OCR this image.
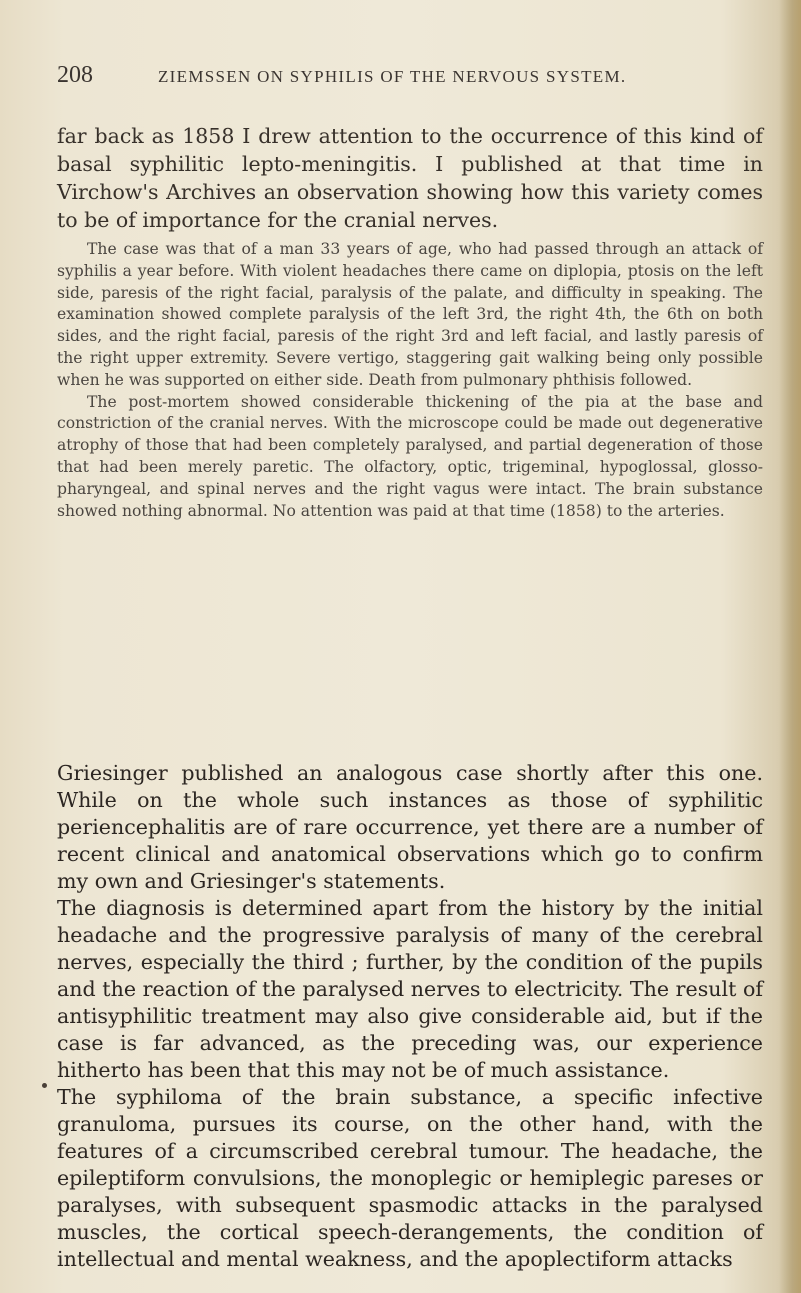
208	ZIEMSSEN ON SYPHILIS OF THE NERVOUS SYSTEM.

far back as 1858 I drew attention to the occurrence of this kind of basal syphilitic lepto-meningitis. I published at that time in Virchow's Archives an observation showing how this variety comes to be of importance for the cranial nerves.

The case was that of a man 33 years of age, who had passed through an attack of syphilis a year before. With violent headaches there came on diplopia, ptosis on the left side, paresis of the right facial, paralysis of the palate, and difficulty in speaking. The examination showed complete paralysis of the left 3rd, the right 4th, the 6th on both sides, and the right facial, paresis of the right 3rd and left facial, and lastly paresis of the right upper extremity. Severe vertigo, staggering gait walking being only possible when he was supported on either side. Death from pulmonary phthisis followed.

The post-mortem showed considerable thickening of the pia at the base and constriction of the cranial nerves. With the microscope could be made out degenerative atrophy of those that had been completely paralysed, and partial degeneration of those that had been merely paretic. The olfactory, optic, trigeminal, hypoglossal, glosso-pharyngeal, and spinal nerves and the right vagus were intact. The brain substance showed nothing abnormal. No attention was paid at that time (1858) to the arteries.

Griesinger published an analogous case shortly after this one. While on the whole such instances as those of syphilitic periencephalitis are of rare occurrence, yet there are a number of recent clinical and anatomical observations which go to confirm my own and Griesinger's statements.

The diagnosis is determined apart from the history by the initial headache and the progressive paralysis of many of the cerebral nerves, especially the third ; further, by the condition of the pupils and the reaction of the paralysed nerves to electricity. The result of antisyphilitic treatment may also give considerable aid, but if the case is far advanced, as the preceding was, our experience hitherto has been that this may not be of much assistance.

The syphiloma of the brain substance, a specific infective granuloma, pursues its course, on the other hand, with the features of a circumscribed cerebral tumour. The headache, the epileptiform convulsions, the monoplegic or hemiplegic pareses or paralyses, with subsequent spasmodic attacks in the paralysed muscles, the cortical speech-derangements, the condition of intellectual and mental weakness, and the apoplectiform attacks
